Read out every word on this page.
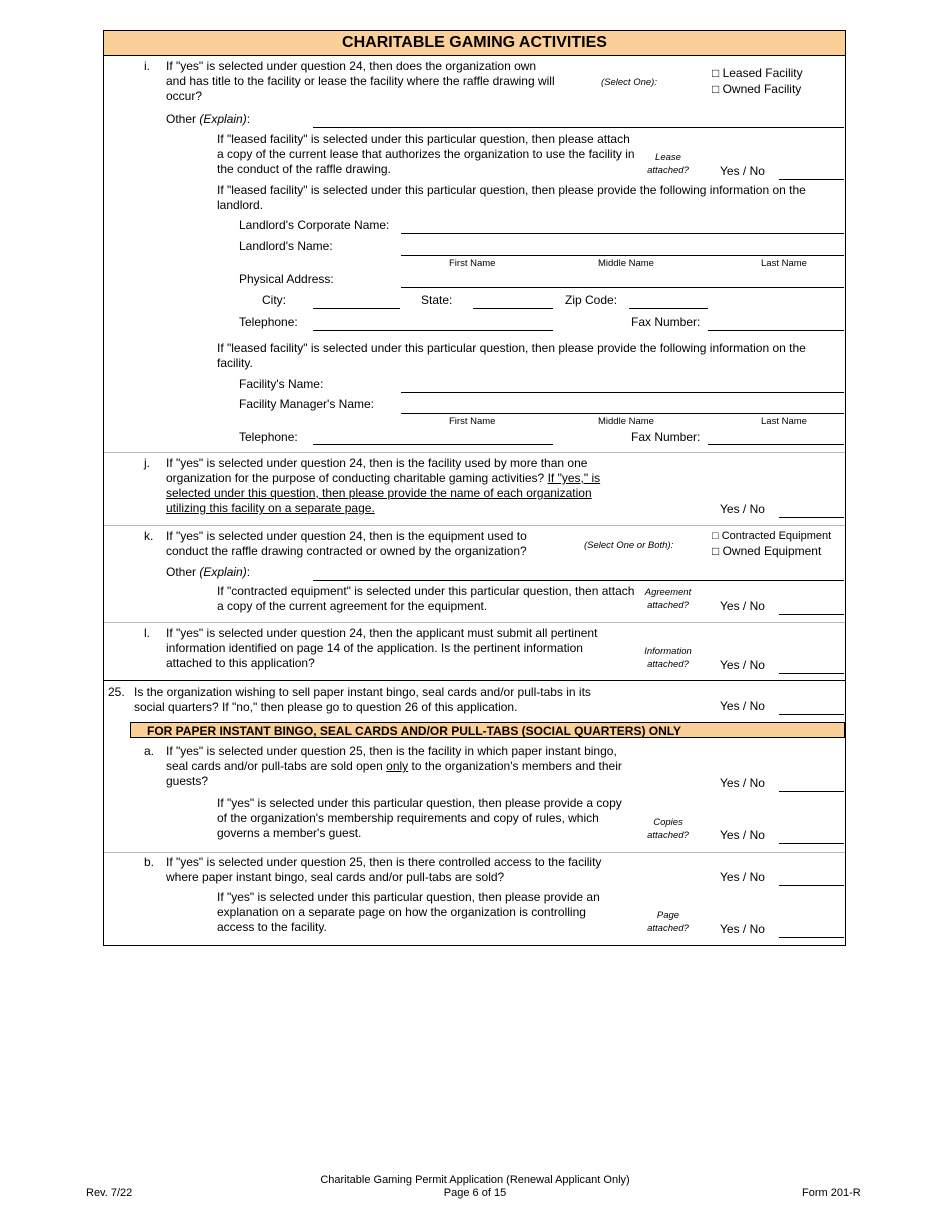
CHARITABLE GAMING ACTIVITIES
i. If "yes" is selected under question 24, then does the organization own and has title to the facility or lease the facility where the raffle drawing will occur?
(Select One):
□ Leased Facility
□ Owned Facility
Other (Explain):
If "leased facility" is selected under this particular question, then please attach a copy of the current lease that authorizes the organization to use the facility in the conduct of the raffle drawing.
Lease attached?	Yes / No
If "leased facility" is selected under this particular question, then please provide the following information on the landlord.
Landlord's Corporate Name:
Landlord's Name:
First Name	Middle Name	Last Name
Physical Address:
City:	State:	Zip Code:
Telephone:	Fax Number:
If "leased facility" is selected under this particular question, then please provide the following information on the facility.
Facility's Name:
Facility Manager's Name:
First Name	Middle Name	Last Name
Telephone:	Fax Number:
j. If "yes" is selected under question 24, then is the facility used by more than one organization for the purpose of conducting charitable gaming activities? If "yes," is selected under this question, then please provide the name of each organization utilizing this facility on a separate page.	Yes / No
k. If "yes" is selected under question 24, then is the equipment used to conduct the raffle drawing contracted or owned by the organization?	(Select One or Both):
□ Contracted Equipment
□ Owned Equipment
Other (Explain):
If "contracted equipment" is selected under this particular question, then attach a copy of the current agreement for the equipment.
Agreement attached?	Yes / No
l. If "yes" is selected under question 24, then the applicant must submit all pertinent information identified on page 14 of the application. Is the pertinent information attached to this application?
Information attached?	Yes / No
25. Is the organization wishing to sell paper instant bingo, seal cards and/or pull-tabs in its social quarters? If "no," then please go to question 26 of this application.	Yes / No
FOR PAPER INSTANT BINGO, SEAL CARDS AND/OR PULL-TABS (SOCIAL QUARTERS) ONLY
a. If "yes" is selected under question 25, then is the facility in which paper instant bingo, seal cards and/or pull-tabs are sold open only to the organization's members and their guests?	Yes / No
If "yes" is selected under this particular question, then please provide a copy of the organization's membership requirements and copy of rules, which governs a member's guest.
Copies attached?	Yes / No
b. If "yes" is selected under question 25, then is there controlled access to the facility where paper instant bingo, seal cards and/or pull-tabs are sold?	Yes / No
If "yes" is selected under this particular question, then please provide an explanation on a separate page on how the organization is controlling access to the facility.
Page attached?	Yes / No
Rev. 7/22
Charitable Gaming Permit Application (Renewal Applicant Only)
Page 6 of 15	Form 201-R
